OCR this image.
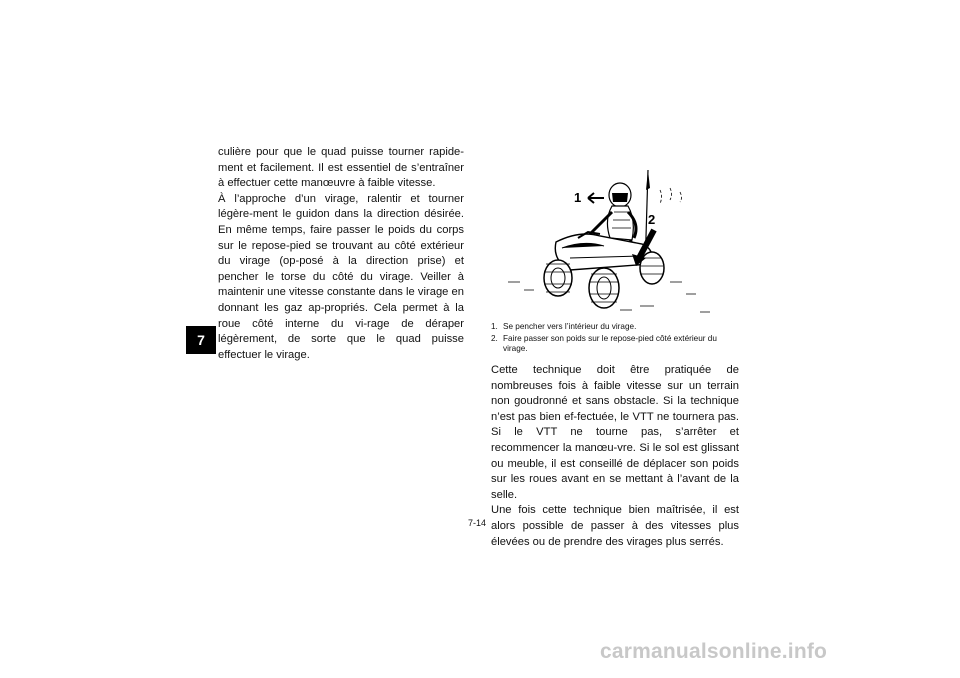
7

culière pour que le quad puisse tourner rapide-ment et facilement. Il est essentiel de s’entraîner à effectuer cette manœuvre à faible vitesse.

À l’approche d’un virage, ralentir et tourner légère-ment le guidon dans la direction désirée. En même temps, faire passer le poids du corps sur le repose-pied se trouvant au côté extérieur du virage (op-posé à la direction prise) et pencher le torse du côté du virage. Veiller à maintenir une vitesse constante dans le virage en donnant les gaz ap-propriés. Cela permet à la roue côté interne du vi-rage de déraper légèrement, de sorte que le quad puisse effectuer le virage.

1
2
1. Se pencher vers l’intérieur du virage.
2. Faire passer son poids sur le repose-pied côté extérieur du virage.

Cette technique doit être pratiquée de nombreuses fois à faible vitesse sur un terrain non goudronné et sans obstacle. Si la technique n’est pas bien ef-fectuée, le VTT ne tournera pas. Si le VTT ne tourne pas, s’arrêter et recommencer la manœu-vre. Si le sol est glissant ou meuble, il est conseillé de déplacer son poids sur les roues avant en se mettant à l’avant de la selle.

Une fois cette technique bien maîtrisée, il est alors possible de passer à des vitesses plus élevées ou de prendre des virages plus serrés.

7-14
carmanualsonline.info
